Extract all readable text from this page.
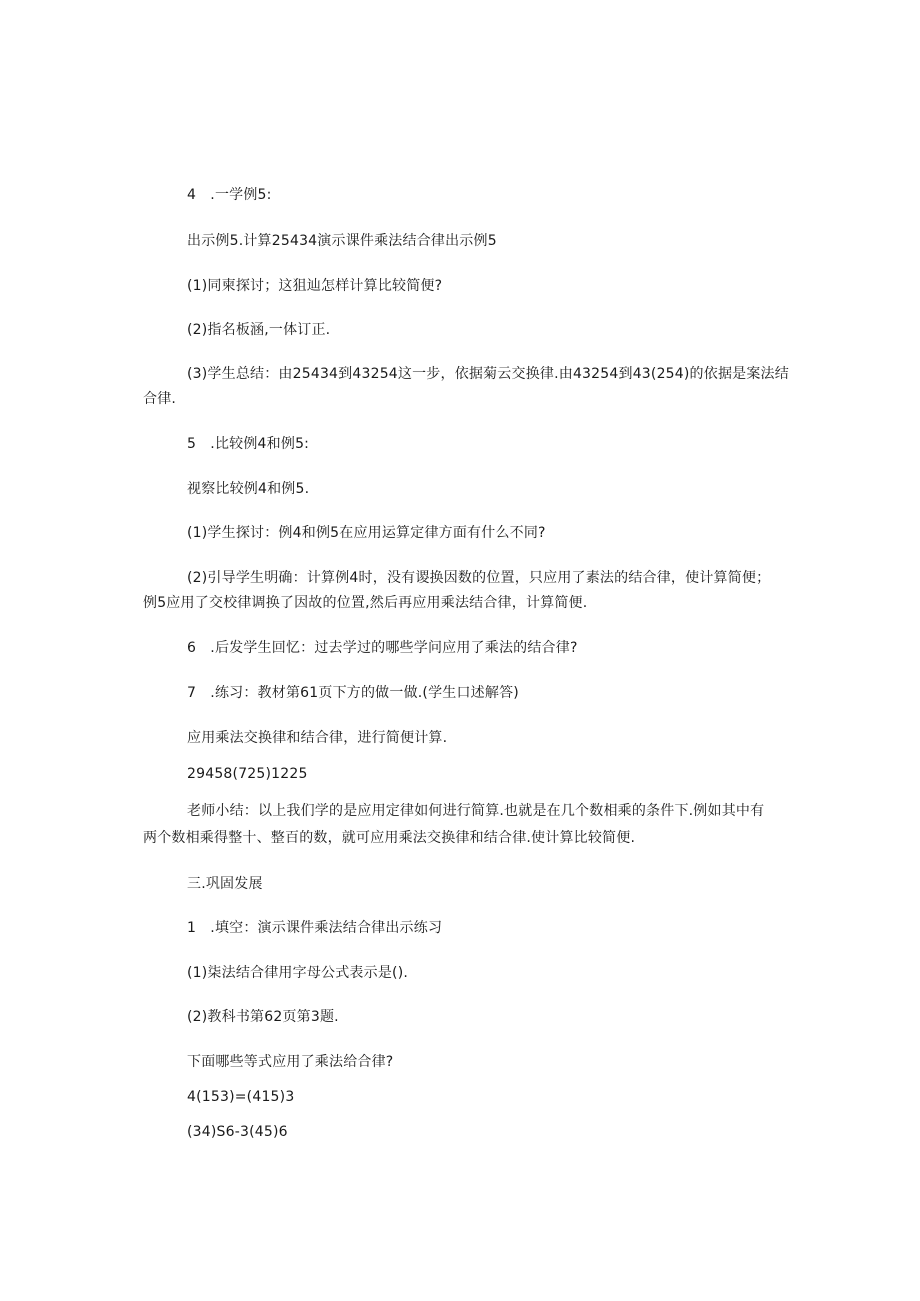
4　.一学例5:
出示例5.计算25434演示课件乘法结合律出示例5
(1)同柬探讨；这狙辿怎样计算比较简便?
(2)指名板涵,一体订正.
(3)学生总结：由25434到43254这一步，依据菊云交换律.由43254到43(254)的依据是案法结
合律.
5　.比较例4和例5:
视察比较例4和例5.
(1)学生探讨：例4和例5在应用运算定律方面有什么不同?
(2)引导学生明确：计算例4时，没有谡换因数的位置，只应用了素法的结合律，使计算简便；
例5应用了交校律调换了因故的位置,然后再应用乘法结合律，计算简便.
6　.后发学生回忆：过去学过的哪些学问应用了乘法的结合律?
7　.练习：教材第61页下方的做一做.(学生口述解答)
应用乘法交换律和结合律，进行简便计算.
29458(725)1225
老师小结：以上我们学的是应用定律如何进行简算.也就是在几个数相乘的条件下.例如其中有
两个数相乘得整十、整百的数，就可应用乘法交换律和结合律.使计算比较简便.
三.巩固发展
1　.填空：演示课件乘法结合律出示练习
(1)柒法结合律用字母公式表示是().
(2)教科书第62页第3题.
下面哪些等式应用了乘法给合律?
4(153)=(415)3
(34)S6-3(45)6
